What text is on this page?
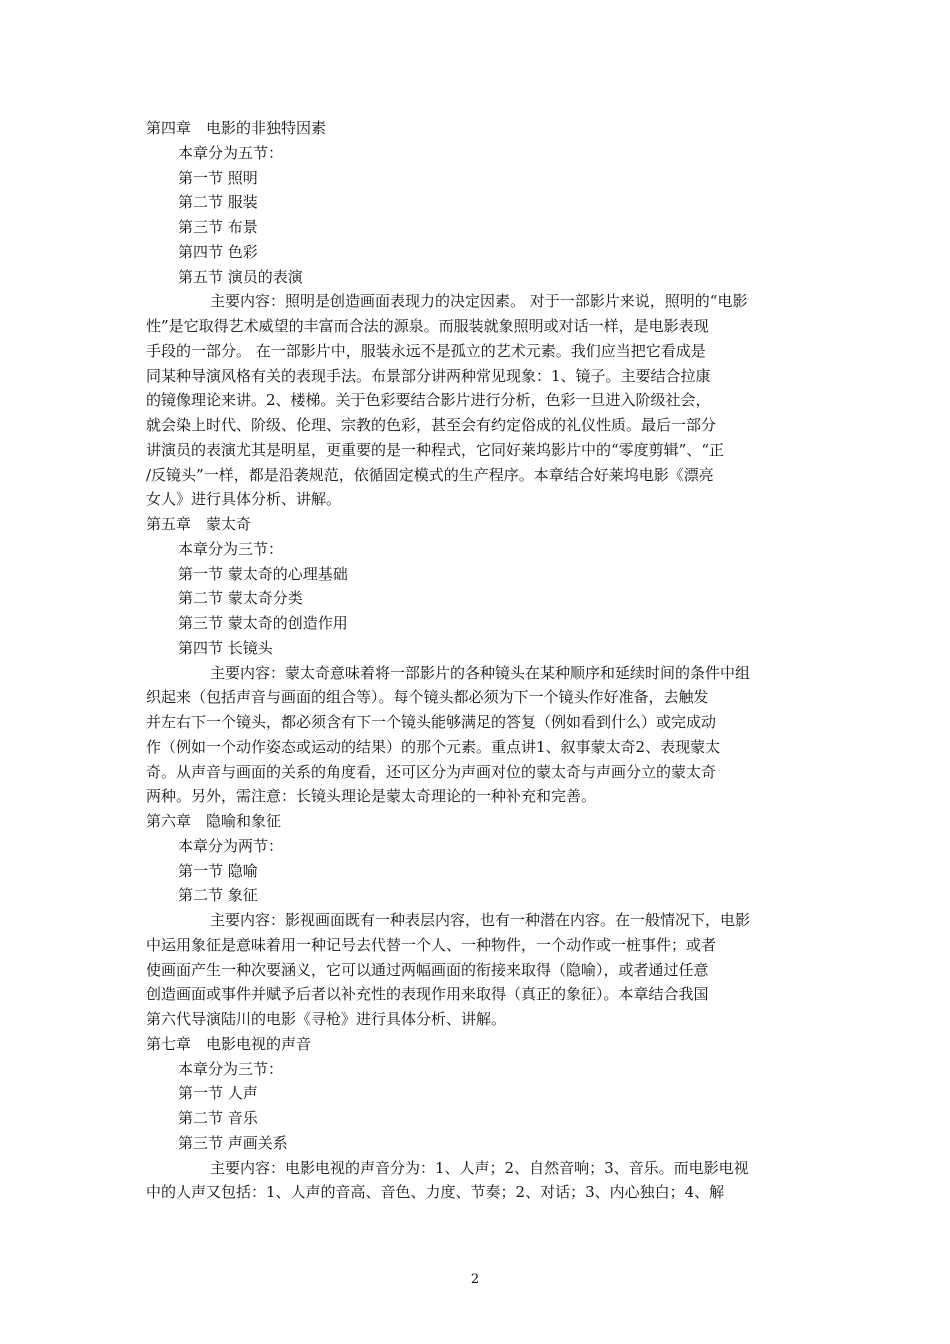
第四章　电影的非独特因素
本章分为五节：
第一节 照明
第二节 服装
第三节 布景
第四节 色彩
第五节 演员的表演
主要内容：照明是创造画面表现力的决定因素。 对于一部影片来说，照明的“电影
性”是它取得艺术威望的丰富而合法的源泉。而服装就象照明或对话一样，是电影表现
手段的一部分。 在一部影片中，服装永远不是孤立的艺术元素。我们应当把它看成是
同某种导演风格有关的表现手法。布景部分讲两种常见现象：1、镜子。主要结合拉康
的镜像理论来讲。2、楼梯。关于色彩要结合影片进行分析，色彩一旦进入阶级社会，
就会染上时代、阶级、伦理、宗教的色彩，甚至会有约定俗成的礼仪性质。最后一部分
讲演员的表演尤其是明星，更重要的是一种程式，它同好莱坞影片中的“零度剪辑”、“正
/反镜头”一样，都是沿袭规范，依循固定模式的生产程序。本章结合好莱坞电影《漂亮
女人》进行具体分析、讲解。
第五章　蒙太奇
本章分为三节：
第一节 蒙太奇的心理基础
第二节 蒙太奇分类
第三节 蒙太奇的创造作用
第四节 长镜头
主要内容：蒙太奇意味着将一部影片的各种镜头在某种顺序和延续时间的条件中组
织起来（包括声音与画面的组合等）。每个镜头都必须为下一个镜头作好准备，去触发
并左右下一个镜头，都必须含有下一个镜头能够满足的答复（例如看到什么）或完成动
作（例如一个动作姿态或运动的结果）的那个元素。重点讲1、叙事蒙太奇2、表现蒙太
奇。从声音与画面的关系的角度看，还可区分为声画对位的蒙太奇与声画分立的蒙太奇
两种。另外，需注意：长镜头理论是蒙太奇理论的一种补充和完善。
第六章　隐喻和象征
本章分为两节：
第一节 隐喻
第二节 象征
主要内容：影视画面既有一种表层内容，也有一种潜在内容。在一般情况下，电影
中运用象征是意味着用一种记号去代替一个人、一种物件，一个动作或一桩事件；或者
使画面产生一种次要涵义，它可以通过两幅画面的衔接来取得（隐喻），或者通过任意
创造画面或事件并赋予后者以补充性的表现作用来取得（真正的象征）。本章结合我国
第六代导演陆川的电影《寻枪》进行具体分析、讲解。
第七章　电影电视的声音
本章分为三节：
第一节 人声
第二节 音乐
第三节 声画关系
主要内容：电影电视的声音分为：1、人声；2、自然音响；3、音乐。而电影电视
中的人声又包括：1、人声的音高、音色、力度、节奏；2、对话；3、内心独白；4、解
2
